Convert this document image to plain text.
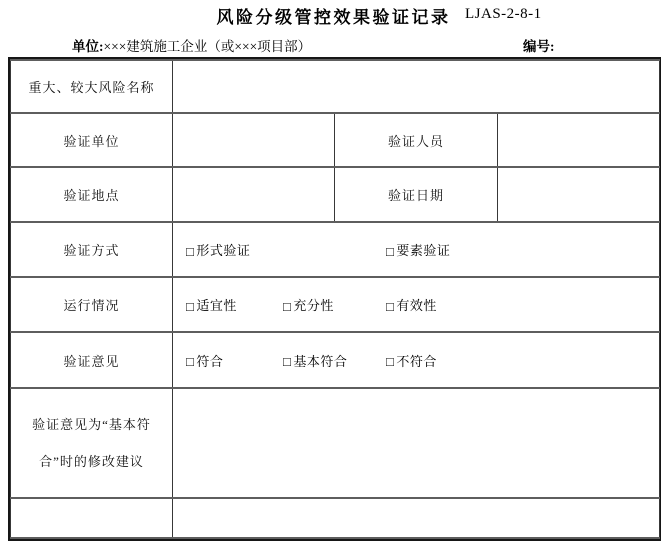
风险分级管控效果验证记录 LJAS-2-8-1
单位:×××建筑施工企业（或×××项目部）	编号:
重大、较大风险名称			
验证单位		验证人员	
验证地点		验证日期	
验证方式	□ 形式验证 □ 要素验证		
运行情况	□ 适宜性 □ 充分性 □ 有效性		
验证意见	□ 符合 □ 基本符合 □ 不符合		

验证意见为“基本符合”时的修改建议			
